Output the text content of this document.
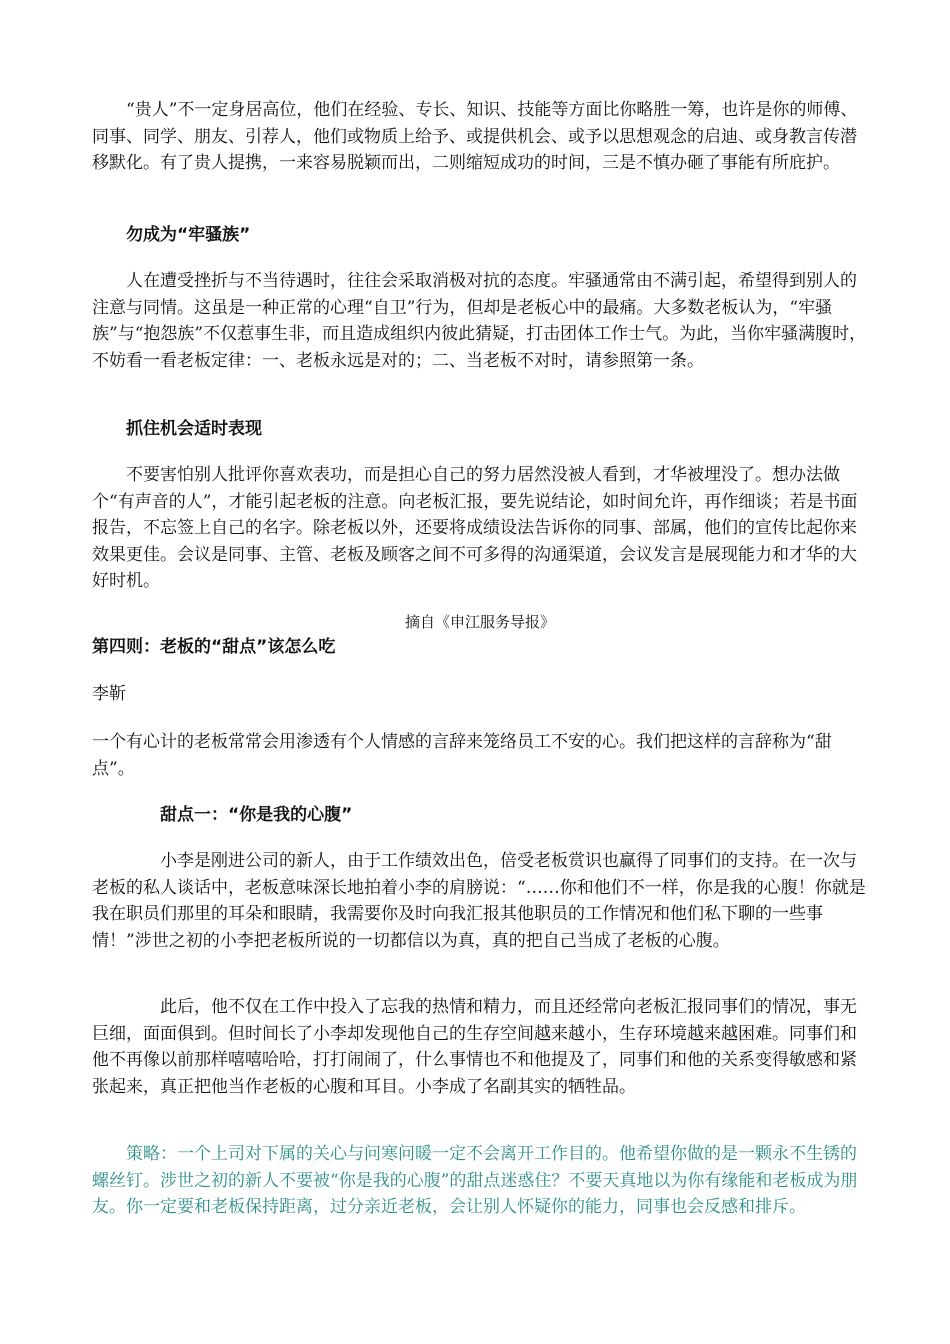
“贵人”不一定身居高位，他们在经验、专长、知识、技能等方面比你略胜一筹，也许是你的师傅、同事、同学、朋友、引荐人，他们或物质上给予、或提供机会、或予以思想观念的启迪、或身教言传潜移默化。有了贵人提携，一来容易脱颖而出，二则缩短成功的时间，三是不慎办砸了事能有所庇护。

勿成为“牢骚族”

人在遭受挫折与不当待遇时，往往会采取消极对抗的态度。牢骚通常由不满引起，希望得到别人的注意与同情。这虽是一种正常的心理“自卫”行为，但却是老板心中的最痛。大多数老板认为，“牢骚族”与“抱怨族”不仅惹事生非，而且造成组织内彼此猜疑，打击团体工作士气。为此，当你牢骚满腹时，不妨看一看老板定律：一、老板永远是对的；二、当老板不对时，请参照第一条。

抓住机会适时表现

不要害怕别人批评你喜欢表功，而是担心自己的努力居然没被人看到，才华被埋没了。想办法做个“有声音的人”，才能引起老板的注意。向老板汇报，要先说结论，如时间允许，再作细谈；若是书面报告，不忘签上自己的名字。除老板以外，还要将成绩设法告诉你的同事、部属，他们的宣传比起你来效果更佳。会议是同事、主管、老板及顾客之间不可多得的沟通渠道，会议发言是展现能力和才华的大好时机。

摘自《申江服务导报》

第四则：老板的“甜点”该怎么吃

李靳

一个有心计的老板常常会用渗透有个人情感的言辞来笼络员工不安的心。我们把这样的言辞称为“甜点”。

甜点一：“你是我的心腹”

小李是刚进公司的新人，由于工作绩效出色，倍受老板赏识也赢得了同事们的支持。在一次与老板的私人谈话中，老板意味深长地拍着小李的肩膀说：“……你和他们不一样，你是我的心腹！你就是我在职员们那里的耳朵和眼睛，我需要你及时向我汇报其他职员的工作情况和他们私下聊的一些事情！”涉世之初的小李把老板所说的一切都信以为真，真的把自己当成了老板的心腹。

此后，他不仅在工作中投入了忘我的热情和精力，而且还经常向老板汇报同事们的情况，事无巨细，面面俱到。但时间长了小李却发现他自己的生存空间越来越小，生存环境越来越困难。同事们和他不再像以前那样嘻嘻哈哈，打打闹闹了，什么事情也不和他提及了，同事们和他的关系变得敏感和紧张起来，真正把他当作老板的心腹和耳目。小李成了名副其实的牺牲品。

策略：一个上司对下属的关心与问寒问暖一定不会离开工作目的。他希望你做的是一颗永不生锈的螺丝钉。涉世之初的新人不要被“你是我的心腹”的甜点迷惑住？不要天真地以为你有缘能和老板成为朋友。你一定要和老板保持距离，过分亲近老板，会让别人怀疑你的能力，同事也会反感和排斥。
